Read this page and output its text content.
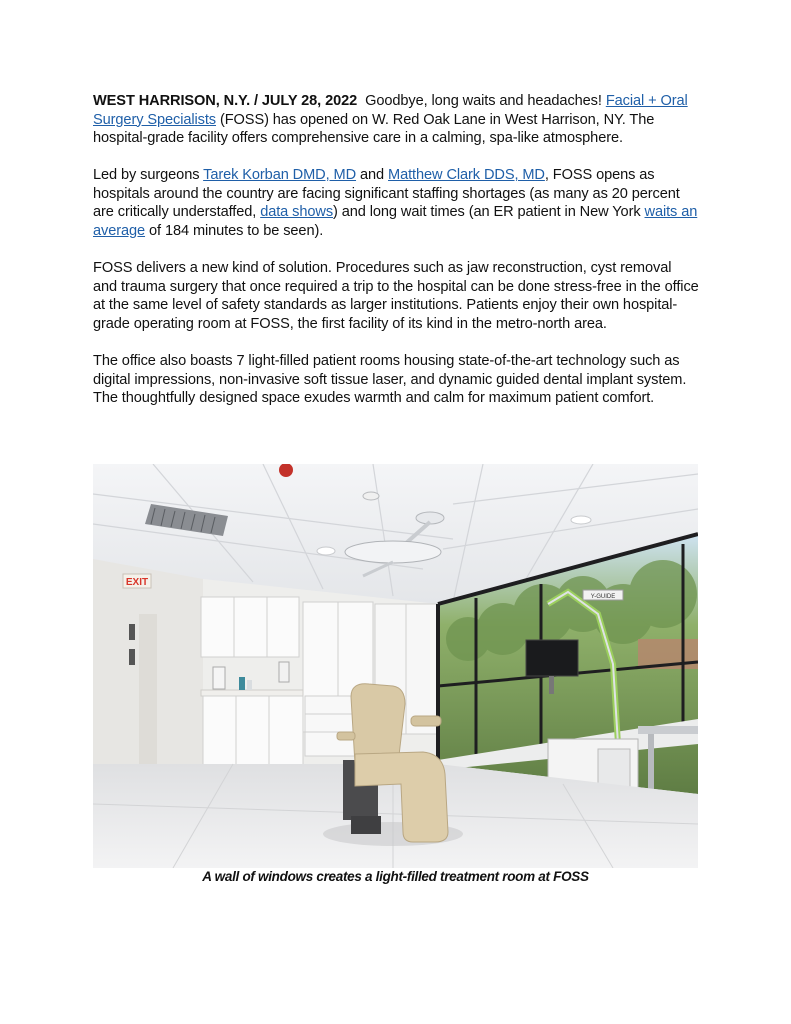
WEST HARRISON, N.Y. / JULY 28, 2022 Goodbye, long waits and headaches! Facial + Oral Surgery Specialists (FOSS) has opened on W. Red Oak Lane in West Harrison, NY. The hospital-grade facility offers comprehensive care in a calming, spa-like atmosphere.

Led by surgeons Tarek Korban DMD, MD and Matthew Clark DDS, MD, FOSS opens as hospitals around the country are facing significant staffing shortages (as many as 20 percent are critically understaffed, data shows) and long wait times (an ER patient in New York waits an average of 184 minutes to be seen).

FOSS delivers a new kind of solution. Procedures such as jaw reconstruction, cyst removal and trauma surgery that once required a trip to the hospital can be done stress-free in the office at the same level of safety standards as larger institutions. Patients enjoy their own hospital-grade operating room at FOSS, the first facility of its kind in the metro-north area.

The office also boasts 7 light-filled patient rooms housing state-of-the-art technology such as digital impressions, non-invasive soft tissue laser, and dynamic guided dental implant system. The thoughtfully designed space exudes warmth and calm for maximum patient comfort.

EXIT
Y-GUIDE
A wall of windows creates a light-filled treatment room at FOSS
